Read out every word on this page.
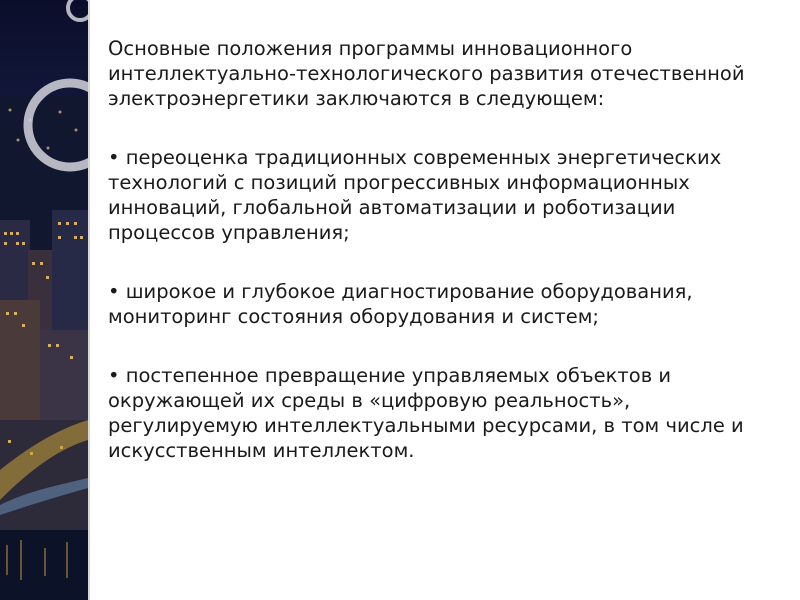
Основные положения программы инновационного интеллектуально-технологического развития отечественной электроэнергетики заключаются в следующем:

• переоценка традиционных современных энергетических технологий с позиций прогрессивных информационных инноваций, глобальной автоматизации и роботизации процессов управления;

• широкое и глубокое диагностирование оборудования, мониторинг состояния оборудования и систем;

• постепенное превращение управляемых объектов и окружающей их среды в «цифровую реальность», регулируемую интеллектуальными ресурсами, в том числе и искусственным интеллектом.
